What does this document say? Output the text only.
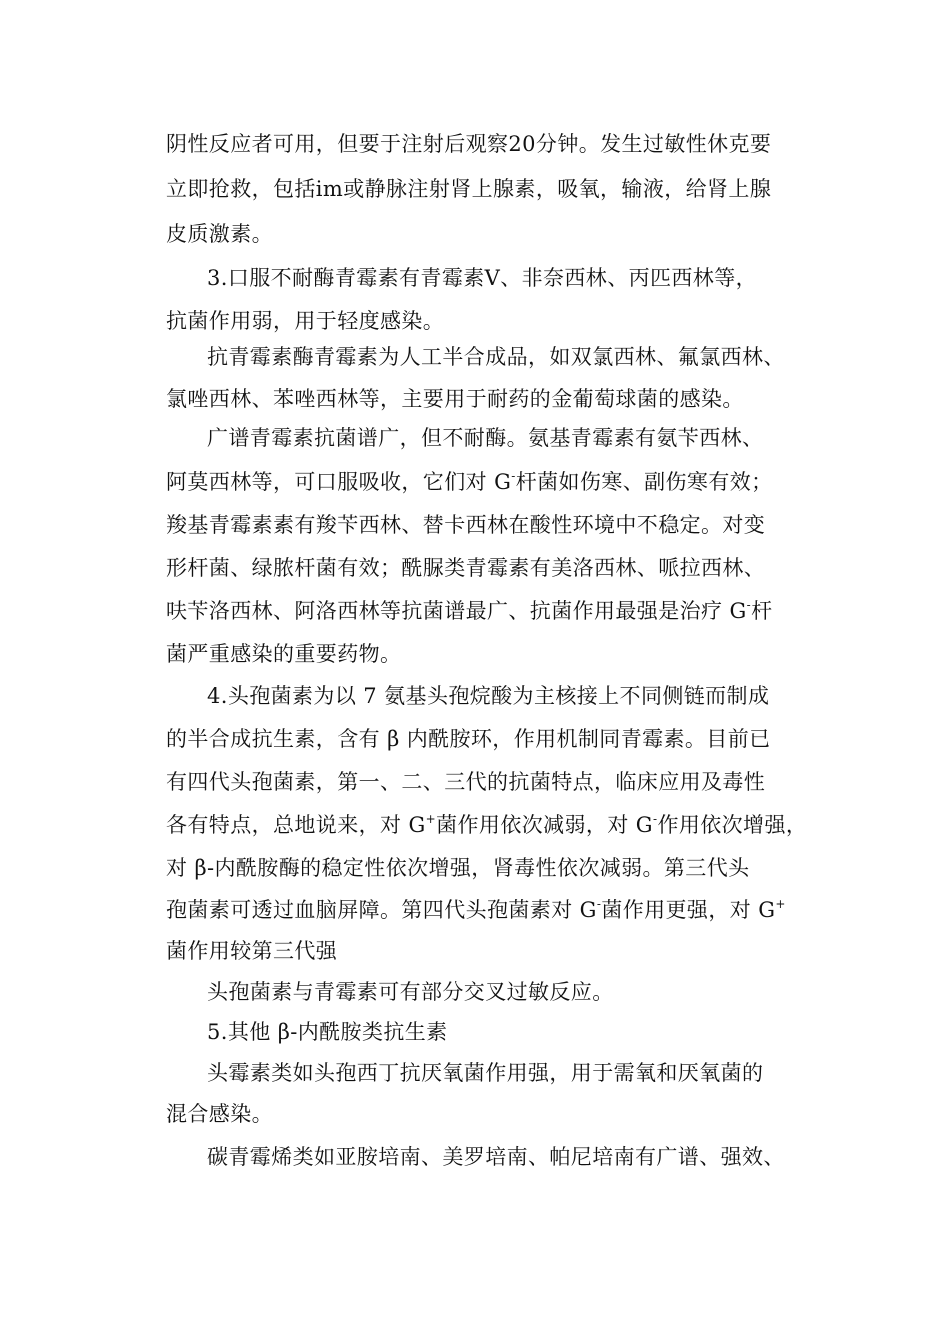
阴性反应者可用，但要于注射后观察20分钟。发生过敏性休克要
立即抢救，包括im或静脉注射肾上腺素，吸氧，输液，给肾上腺
皮质激素。
3.口服不耐酶青霉素有青霉素Ⅴ、非奈西林、丙匹西林等，
抗菌作用弱，用于轻度感染。
抗青霉素酶青霉素为人工半合成品，如双氯西林、氟氯西林、
氯唑西林、苯唑西林等，主要用于耐药的金葡萄球菌的感染。
广谱青霉素抗菌谱广，但不耐酶。氨基青霉素有氨苄西林、
阿莫西林等，可口服吸收，它们对 G-杆菌如伤寒、副伤寒有效；
羧基青霉素素有羧苄西林、替卡西林在酸性环境中不稳定。对变
形杆菌、绿脓杆菌有效；酰脲类青霉素有美洛西林、哌拉西林、
呋苄洛西林、阿洛西林等抗菌谱最广、抗菌作用最强是治疗 G-杆
菌严重感染的重要药物。
4.头孢菌素为以 7 氨基头孢烷酸为主核接上不同侧链而制成
的半合成抗生素，含有 β 内酰胺环，作用机制同青霉素。目前已
有四代头孢菌素，第一、二、三代的抗菌特点，临床应用及毒性
各有特点，总地说来，对 G+菌作用依次减弱，对 G-作用依次增强，
对 β-内酰胺酶的稳定性依次增强，肾毒性依次减弱。第三代头
孢菌素可透过血脑屏障。第四代头孢菌素对 G-菌作用更强，对 G+
菌作用较第三代强
头孢菌素与青霉素可有部分交叉过敏反应。
5.其他 β-内酰胺类抗生素
头霉素类如头孢西丁抗厌氧菌作用强，用于需氧和厌氧菌的
混合感染。
碳青霉烯类如亚胺培南、美罗培南、帕尼培南有广谱、强效、
